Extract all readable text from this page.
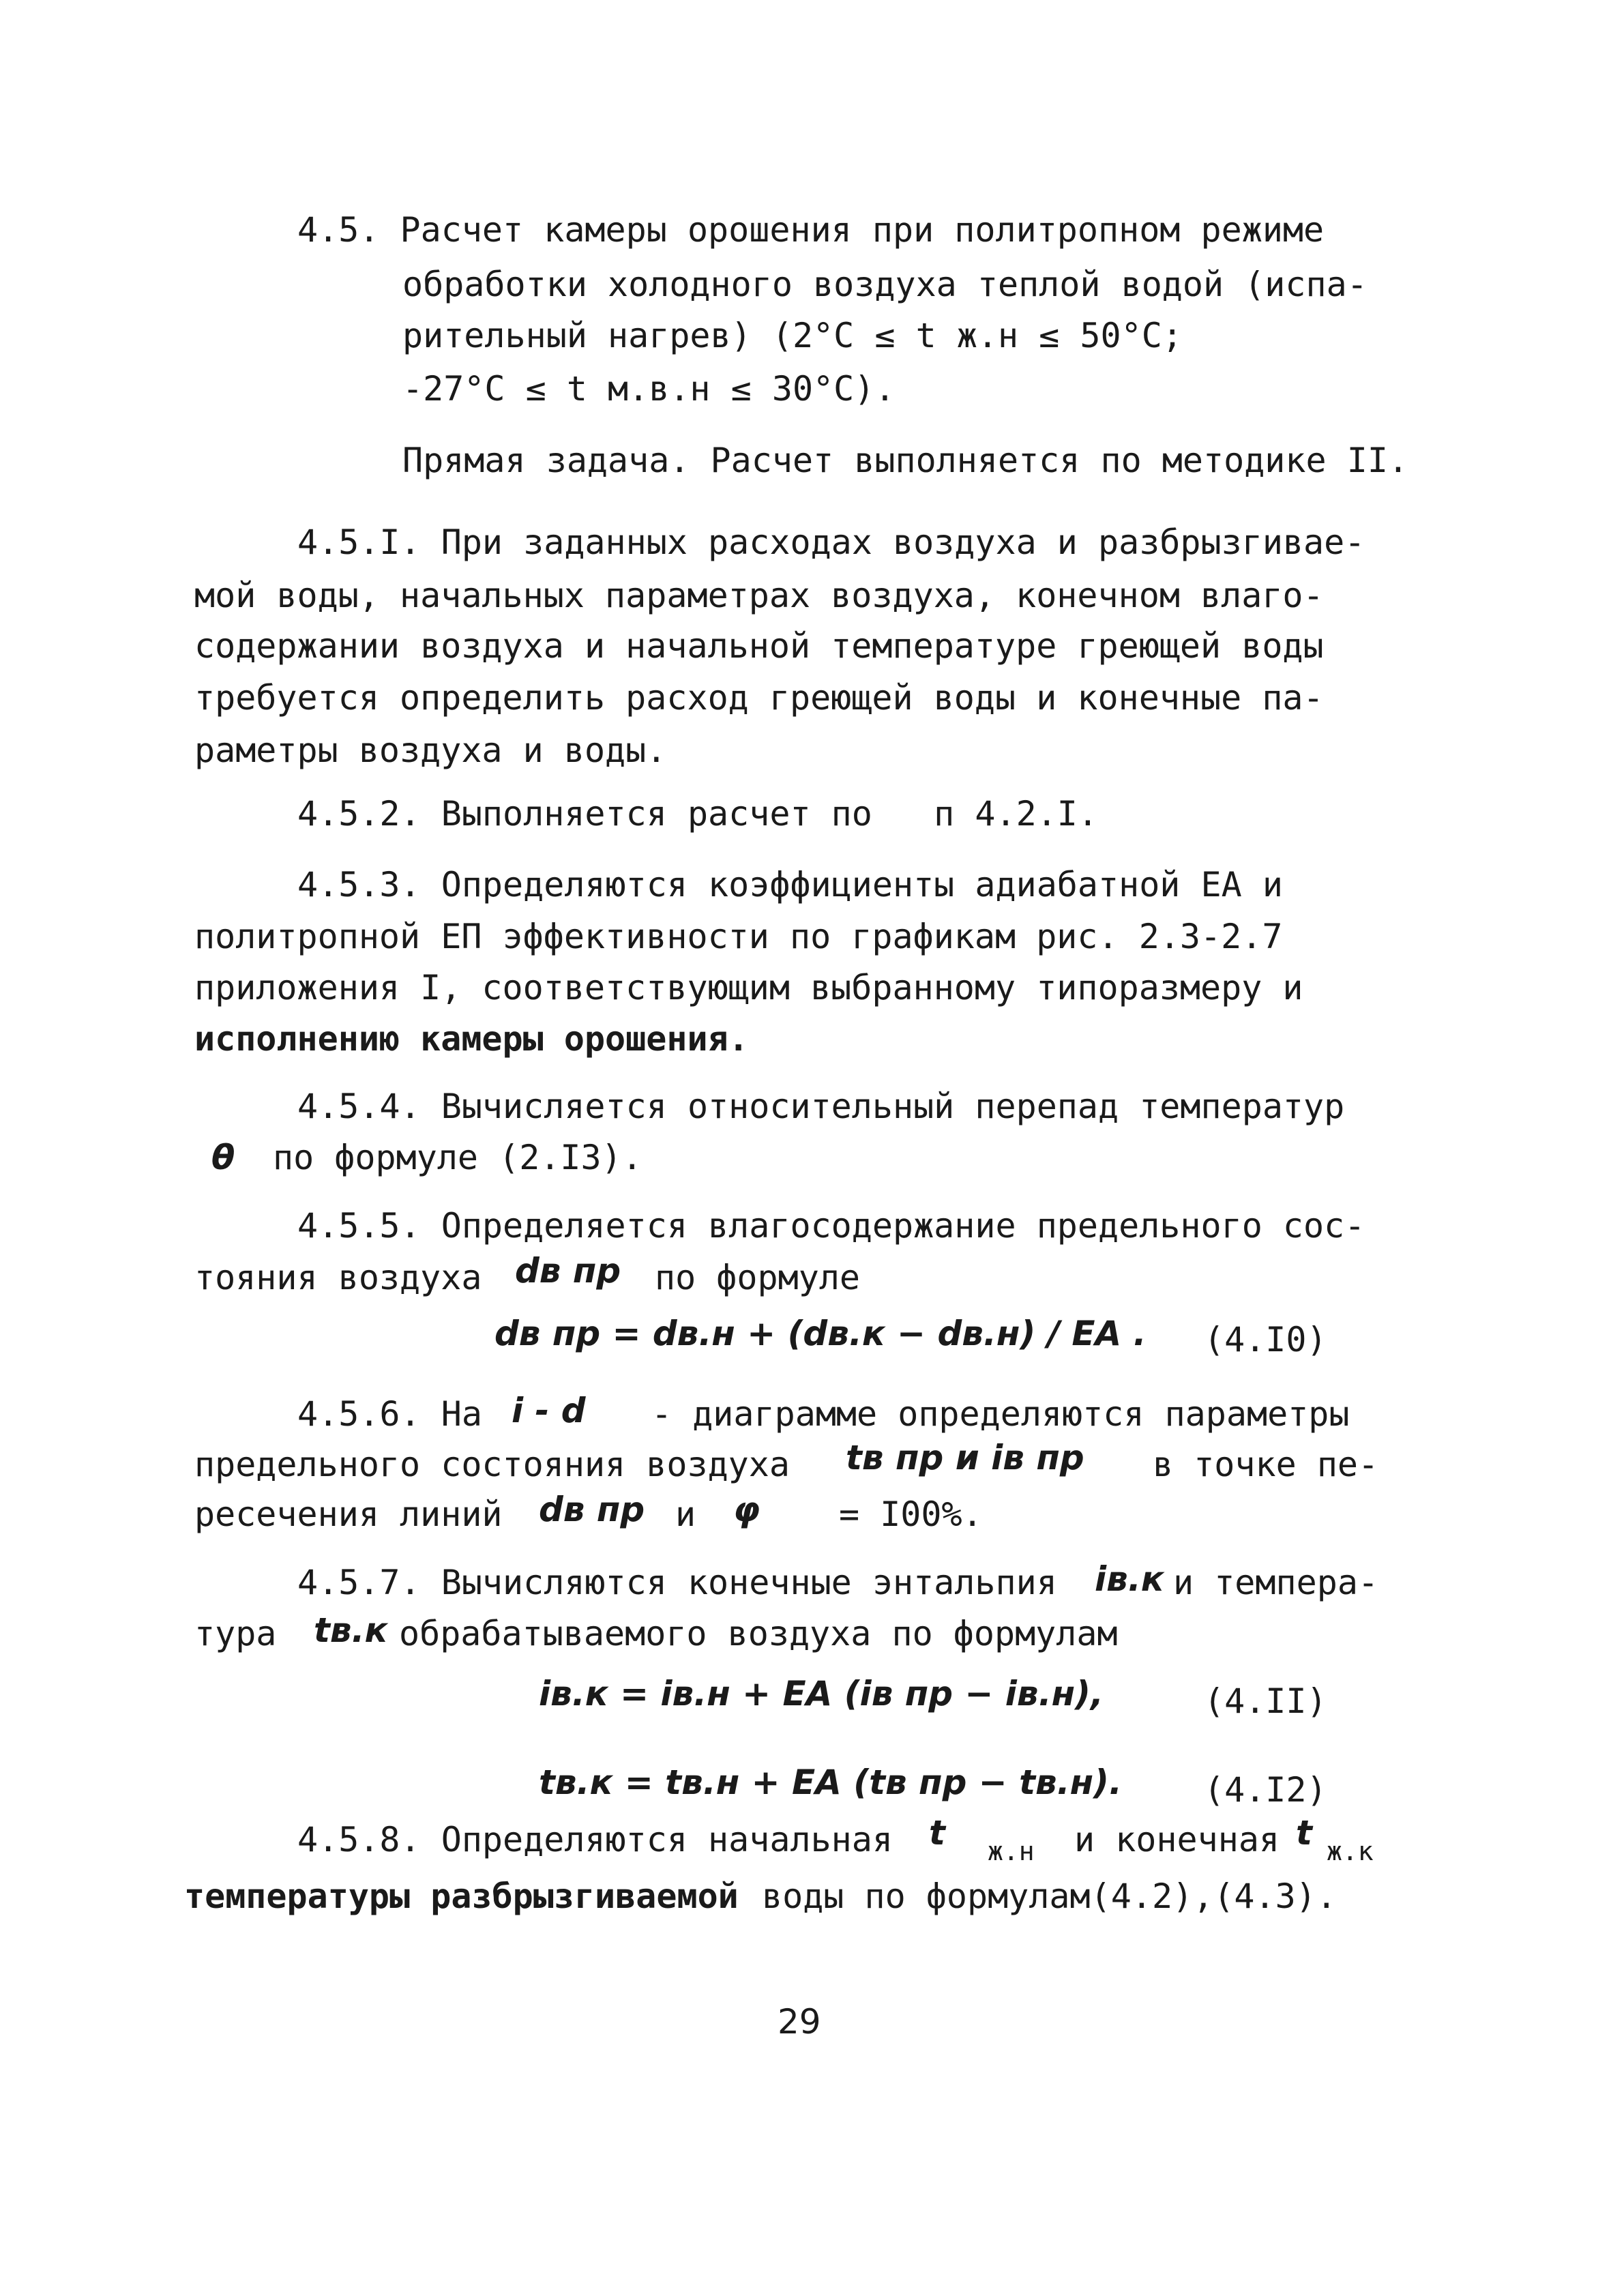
4.5. Расчет камеры орошения при политропном режиме
обработки холодного воздуха теплой водой (испа-
рительный нагрев) (2°С ≤ t ж.н ≤ 50°С;
-27°С ≤ t м.в.н ≤ 30°С).
Прямая задача. Расчет выполняется по методике II.
4.5.I. При заданных расходах воздуха и разбрызгивае-
мой воды, начальных параметрах воздуха, конечном влаго-
содержании воздуха и начальной температуре греющей воды
требуется определить расход греющей воды и конечные па-
раметры воздуха и воды.
4.5.2. Выполняется расчет по   п 4.2.I.
4.5.3. Определяются коэффициенты адиабатной EА и
политропной EП эффективности по графикам рис. 2.3-2.7
приложения I, соответствующим выбранному типоразмеру и
исполнению камеры орошения.
4.5.4. Вычисляется относительный перепад температур
θ по формуле (2.I3).
4.5.5. Определяется влагосодержание предельного сос-
тояния воздуха dв пр по формуле
dв пр = dв.н + (dв.к − dв.н) / EA . (4.I0)
4.5.6. На i - d - диаграмме определяются параметры
предельного состояния воздуха tв пр и iв пр в точке пе-
ресечения линий dв пр и φ = I00%.
4.5.7. Вычисляются конечные энтальпия iв.к и темпера-
тура tв.к обрабатываемого воздуха по формулам
iв.к = iв.н + EA (iв пр − iв.н),	(4.II)
tв.к = tв.н + EA (tв пр − tв.н). (4.I2)
4.5.8. Определяются начальная t ж.н и конечная t ж.к
температуры разбрызгиваемой воды по формулам(4.2),(4.3).
29
